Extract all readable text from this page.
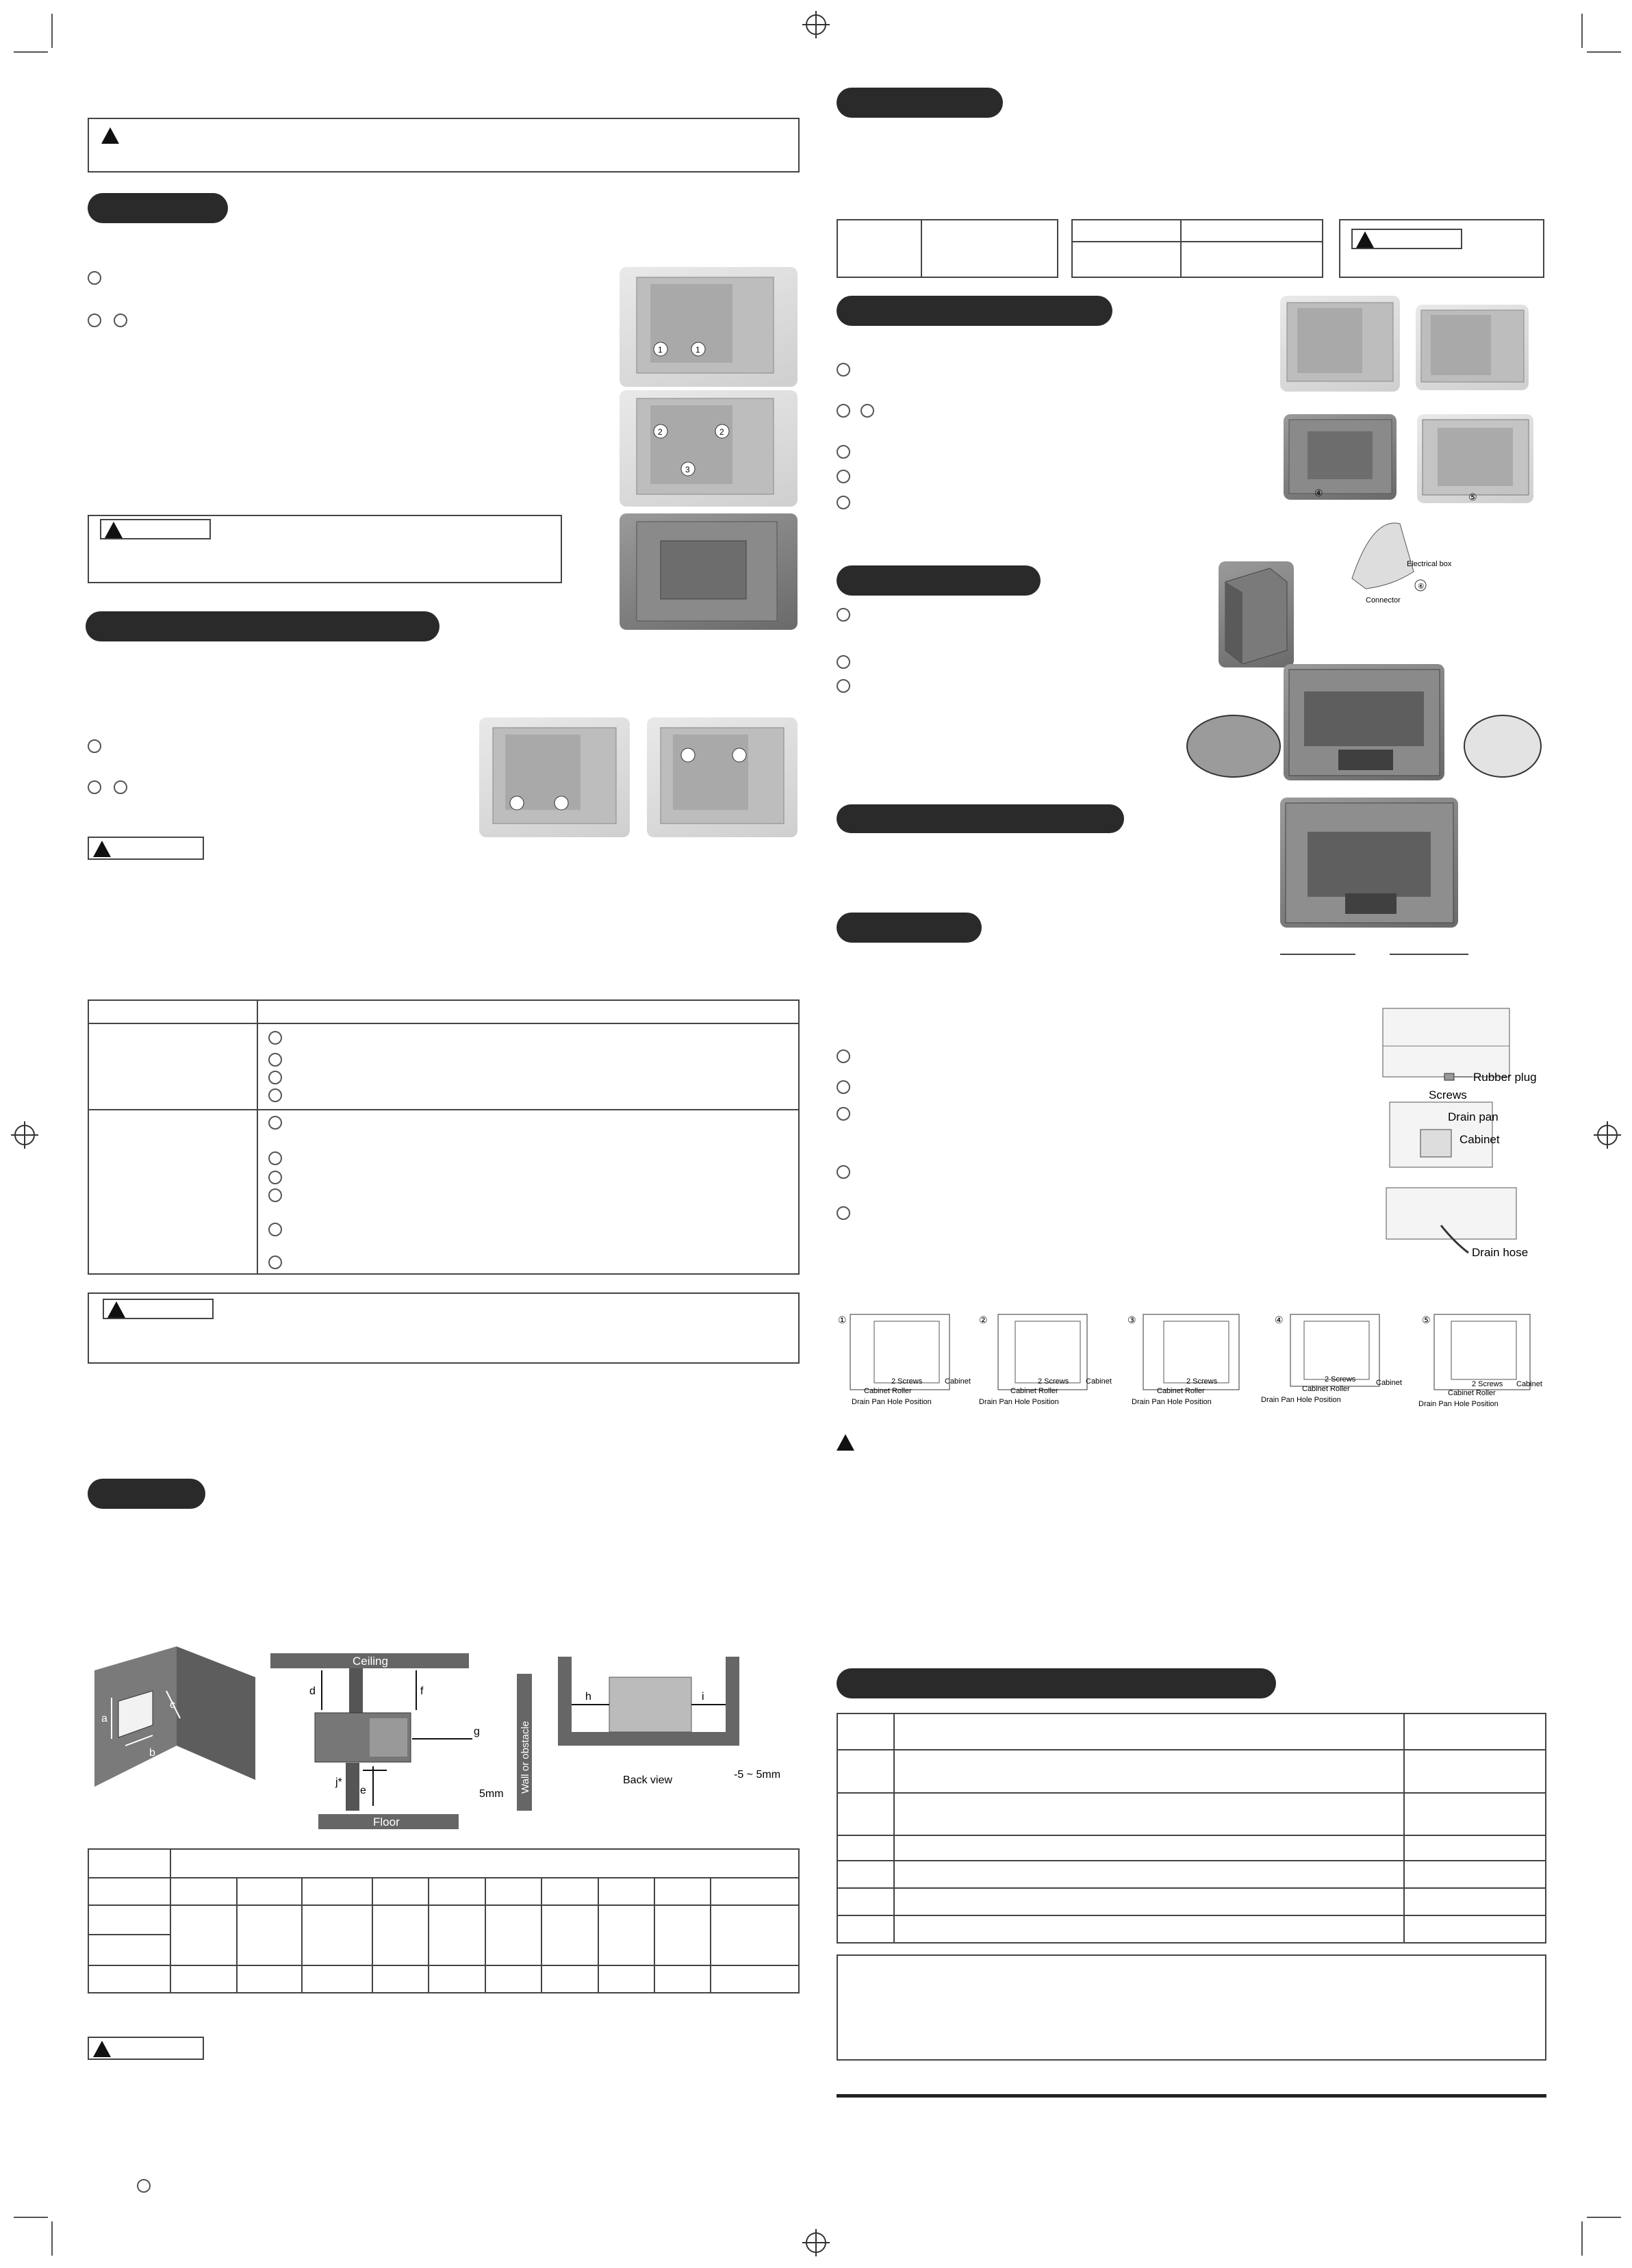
1	1
2	2
3
a
b
c
Ceiling
d	f
g
j*
e	5mm
Wall or obstacle
Floor
h	i
Back view	-5 ~ 5mm
④	⑤
Electrical box
Connector
⑥
Rubber plug
Screws
Drain pan
Cabinet
Drain hose
①
2 Screws	Cabinet
Cabinet Roller
Drain Pan Hole Position
②
2 Screws Cabinet
Cabinet Roller
Drain Pan Hole Position
③
2 Screws
Cabinet Roller
Drain Pan Hole Position
④
2 Screws	Cabinet
Cabinet Roller
Drain Pan Hole Position
⑤
2 Screws Cabinet
Cabinet Roller
Drain Pan Hole Position
